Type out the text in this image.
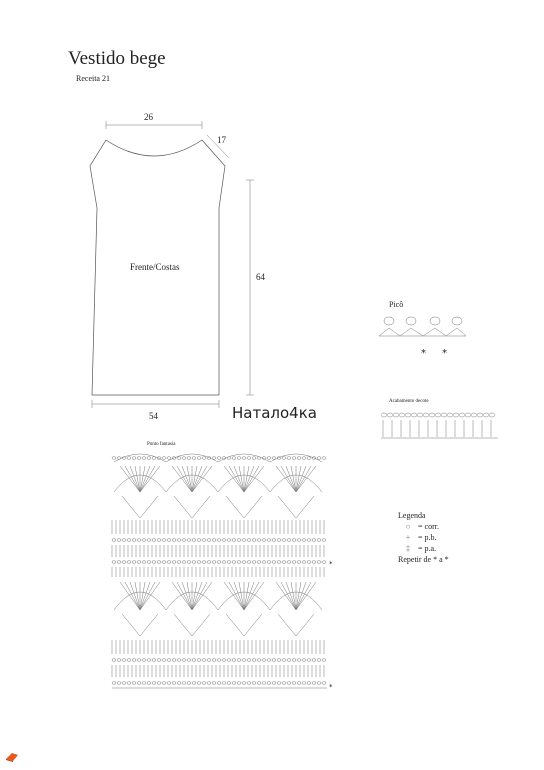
Vestido bege
Receita 21
* *
*
*
26
17
64
54
Frente/Costas
Натало4ка
Picô
Acabamento decote
Ponto fantasia
Legenda
○ = corr.
+ = p.b.
‡ = p.a.
Repetir de * a *
